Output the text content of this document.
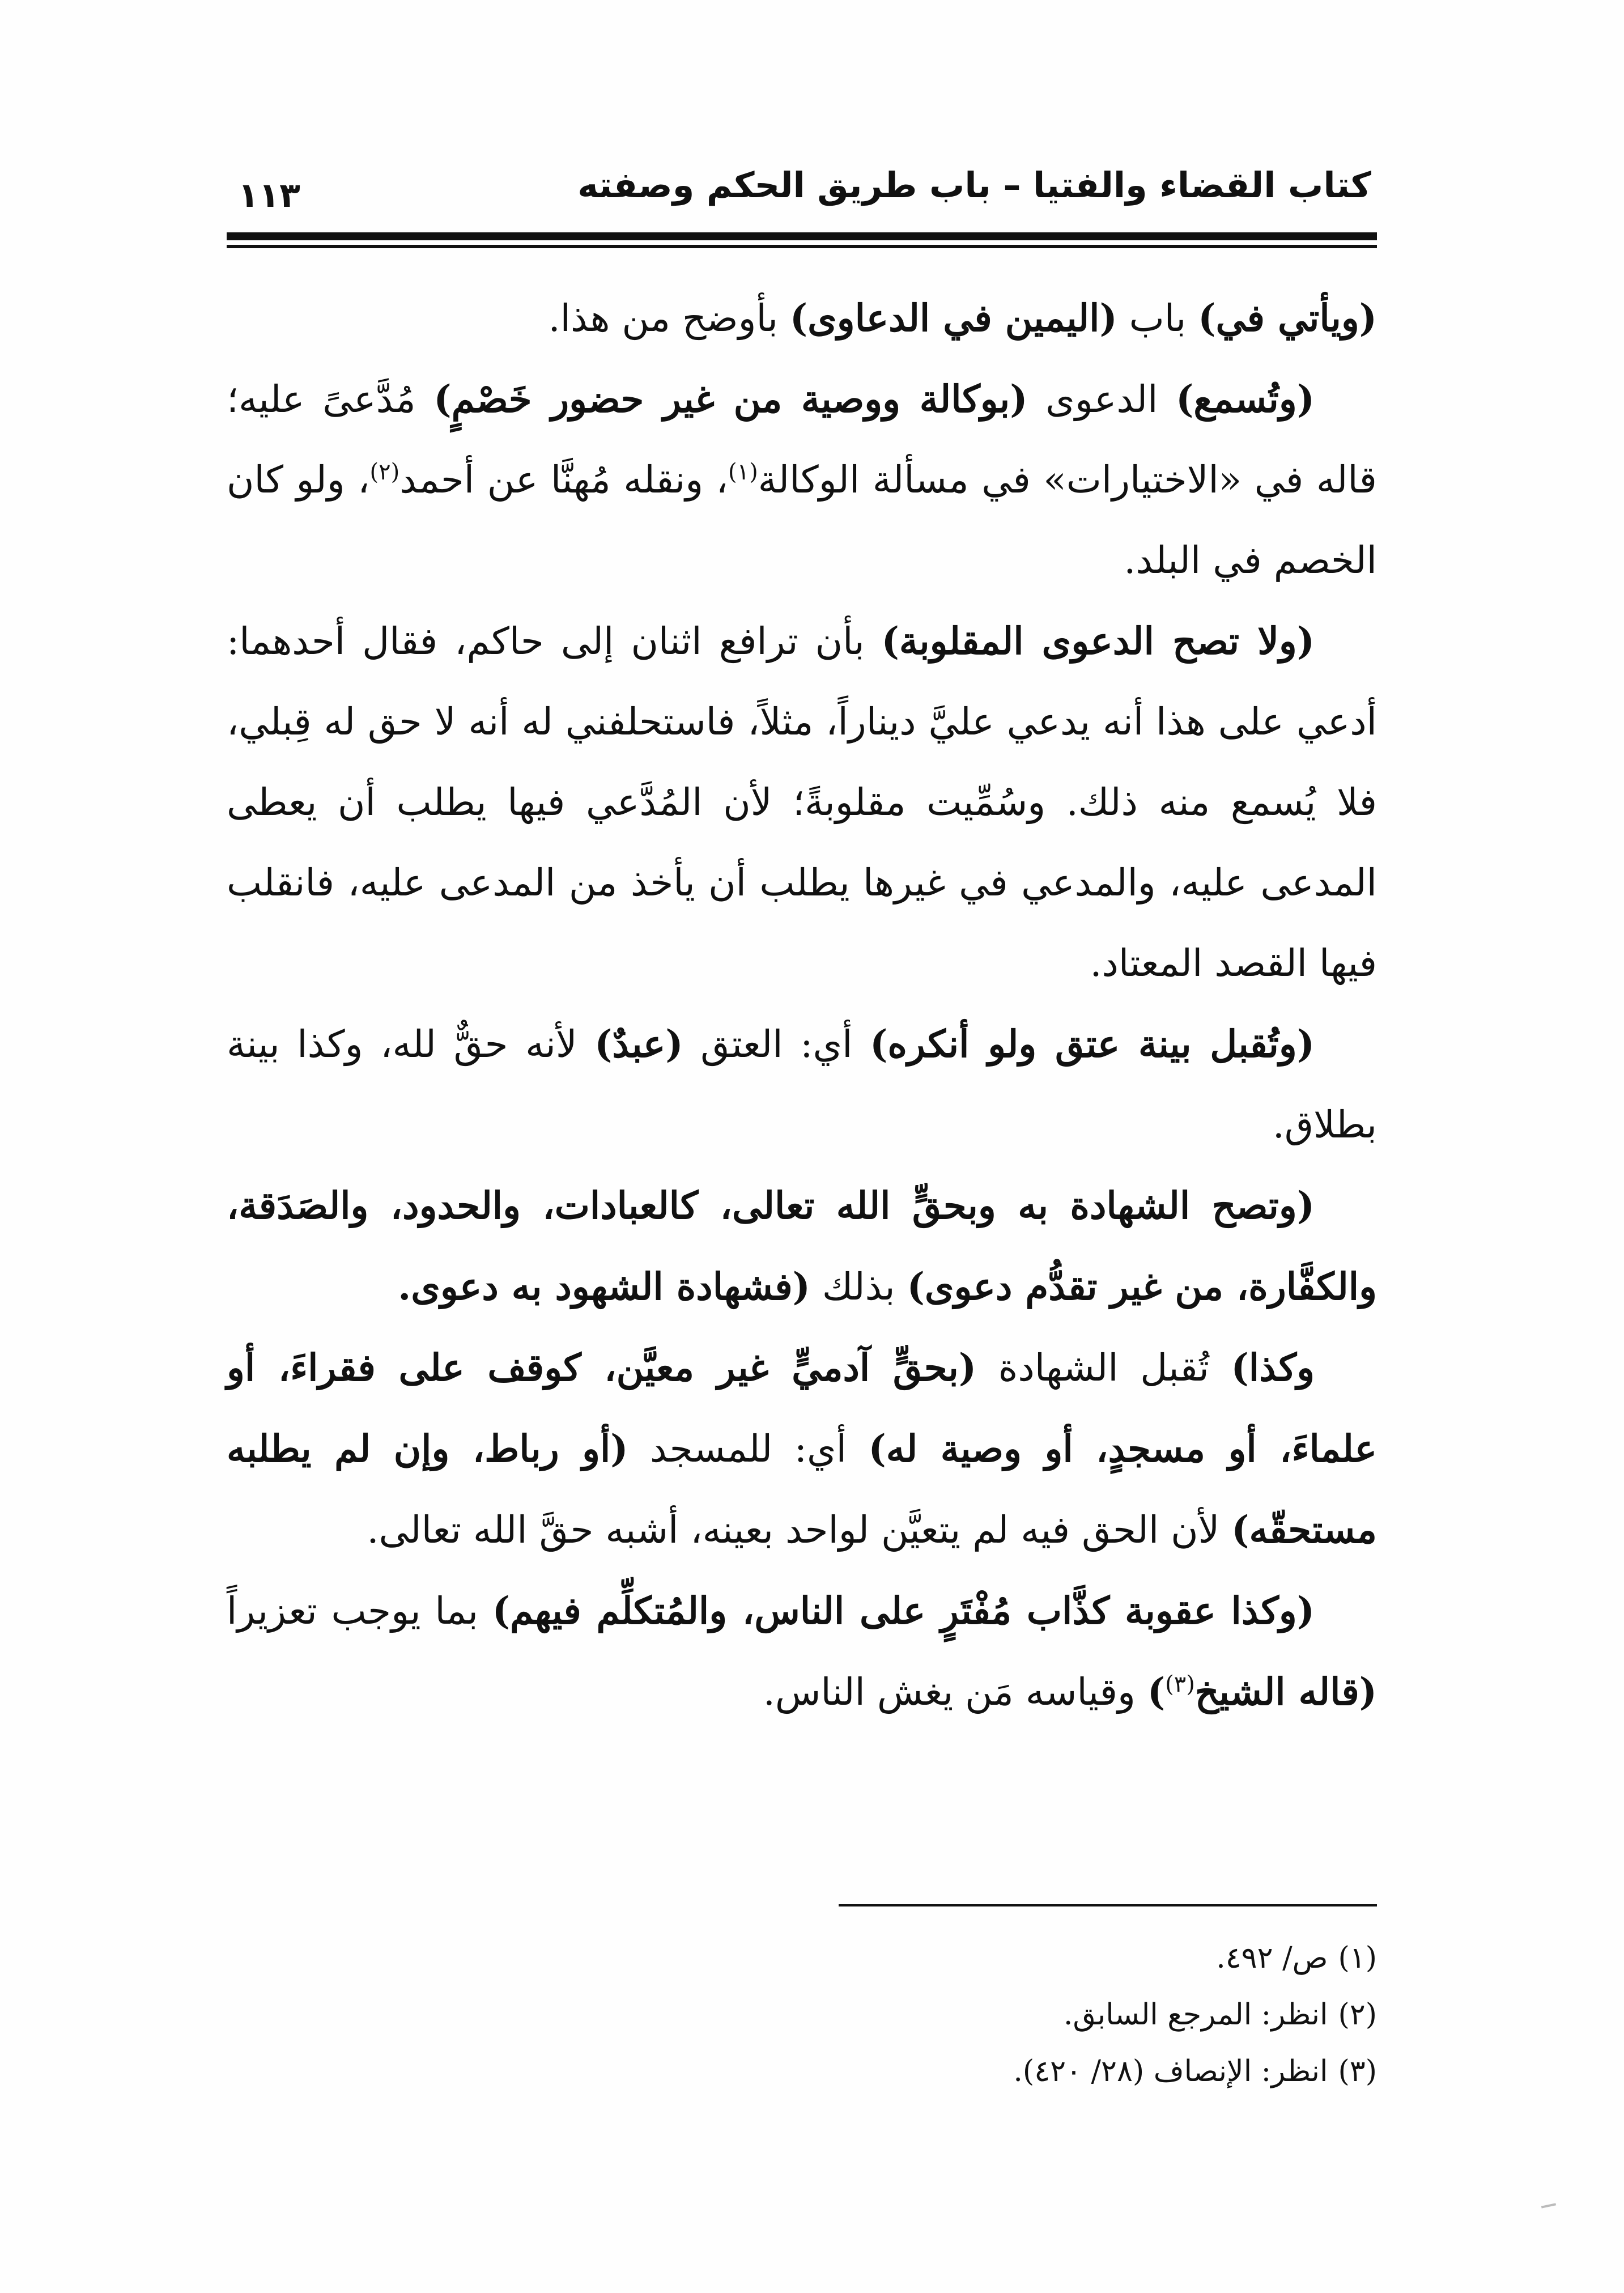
كتاب القضاء والفتيا – باب طريق الحكم وصفته
١١٣

(ويأتي في) باب (اليمين في الدعاوى) بأوضح من هذا.

(وتُسمع) الدعوى (بوكالة ووصية من غير حضور خَصْمٍ) مُدَّعىً عليه؛ قاله في «الاختيارات» في مسألة الوكالة$^{(١)}$، ونقله مُهنَّا عن أحمد$^{(٢)}$، ولو كان الخصم في البلد.

(ولا تصح الدعوى المقلوبة) بأن ترافع اثنان إلى حاكم، فقال أحدهما: أدعي على هذا أنه يدعي عليَّ ديناراً، مثلاً، فاستحلفني له أنه لا حق له قِبلي، فلا يُسمع منه ذلك. وسُمِّيت مقلوبةً؛ لأن المُدَّعي فيها يطلب أن يعطى المدعى عليه، والمدعي في غيرها يطلب أن يأخذ من المدعى عليه، فانقلب فيها القصد المعتاد.

(وتُقبل بينة عتق ولو أنكره) أي: العتق (عبدٌ) لأنه حقٌّ لله، وكذا بينة بطلاق.

(وتصح الشهادة به وبحقٍّ الله تعالى، كالعبادات، والحدود، والصَدَقة، والكفَّارة، من غير تقدُّم دعوى) بذلك (فشهادة الشهود به دعوى.

وكذا) تُقبل الشهادة (بحقٍّ آدميٍّ غير معيَّن، كوقف على فقراءَ، أو علماءَ، أو مسجدٍ، أو وصية له) أي: للمسجد (أو رباط، وإن لم يطلبه مستحقّه) لأن الحق فيه لم يتعيَّن لواحد بعينه، أشبه حقَّ الله تعالى.

(وكذا عقوبة كذَّاب مُفْتَرٍ على الناس، والمُتكلِّم فيهم) بما يوجب تعزيراً (قاله الشيخ$^{(٣)}$) وقياسه مَن يغش الناس.

(١)ص/ ٤٩٢.

(٢)انظر: المرجع السابق.

(٣)انظر: الإنصاف (٢٨/ ٤٢٠).
